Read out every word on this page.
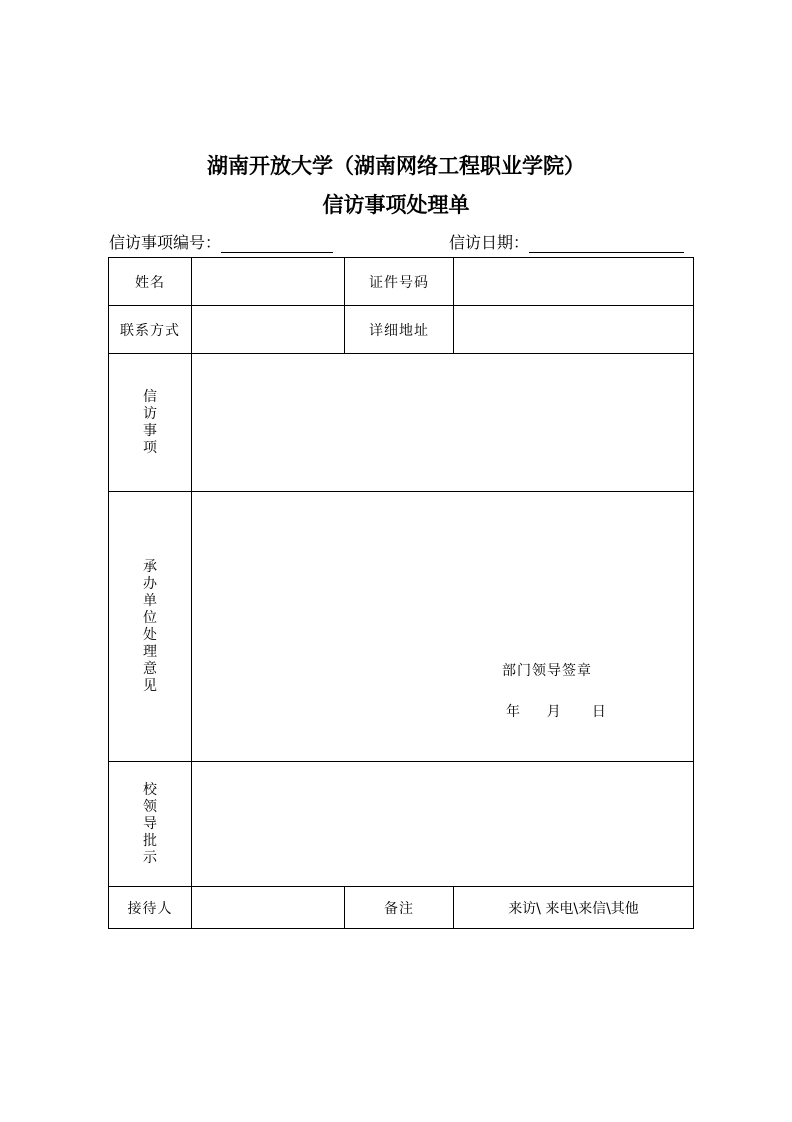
湖南开放大学（湖南网络工程职业学院）
信访事项处理单
信访事项编号：	信访日期：
姓名		证件号码	
联系方式		详细地址	
信访事项			
承办单位处理意见	部门领导签章
年 月 日		

校领导批示			
接待人		备注	来访\ 来电\来信\其他
